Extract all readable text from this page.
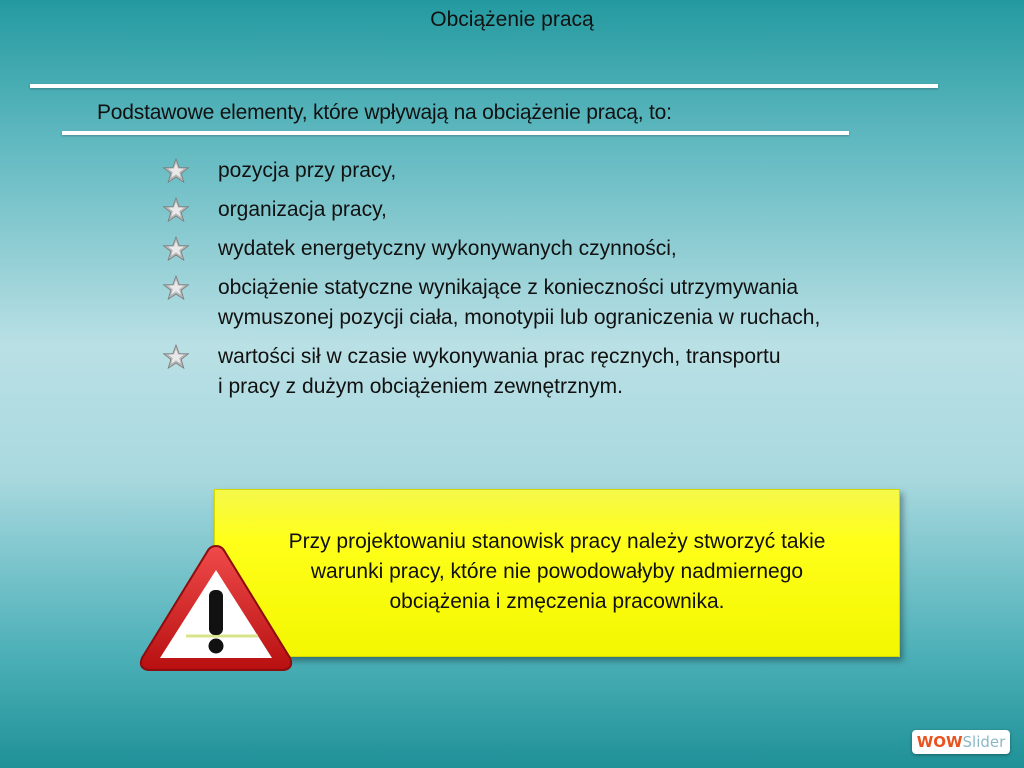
Obciążenie pracą
Podstawowe elementy, które wpływają na obciążenie pracą, to:
pozycja przy pracy,
organizacja pracy,
wydatek energetyczny wykonywanych czynności,
obciążenie statyczne wynikające z konieczności utrzymywania
wymuszonej pozycji ciała, monotypii lub ograniczenia w ruchach,
wartości sił w czasie wykonywania prac ręcznych, transportu
i pracy z dużym obciążeniem zewnętrznym.
Przy projektowaniu stanowisk pracy należy stworzyć takie
warunki pracy, które nie powodowałyby nadmiernego
obciążenia i zmęczenia pracownika.
WOW Slider
